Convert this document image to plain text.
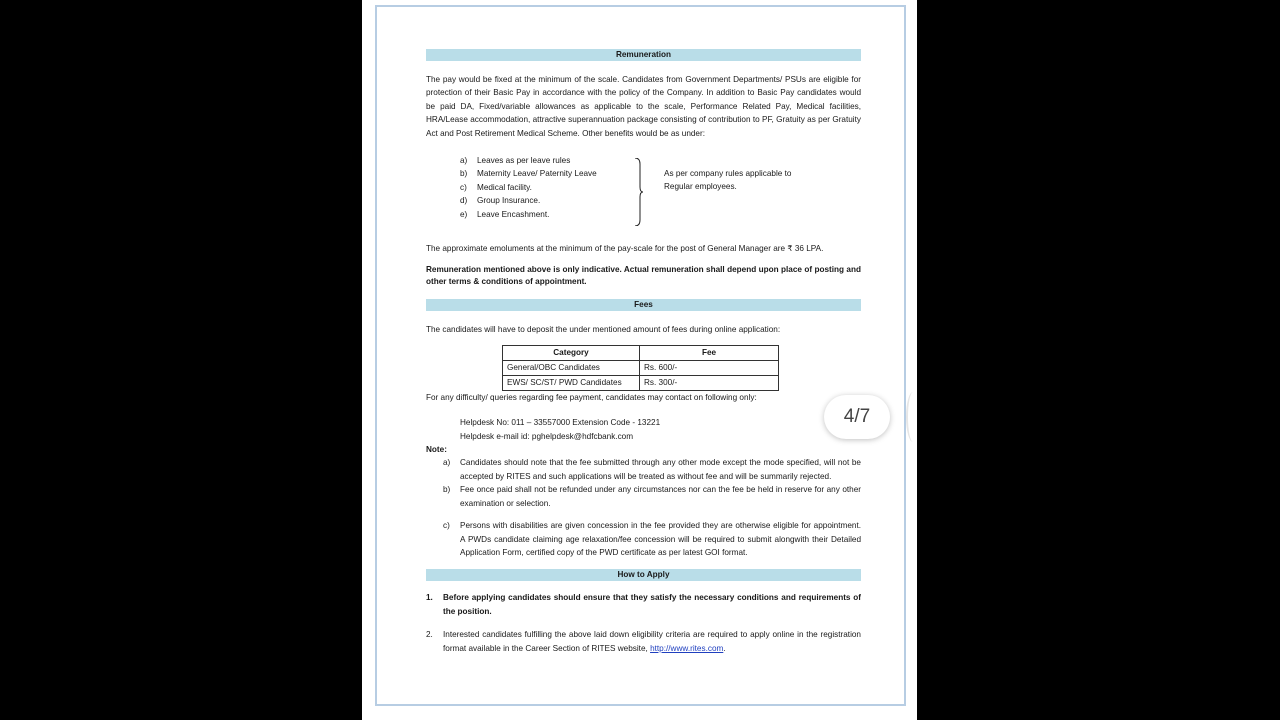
Remuneration

The pay would be fixed at the minimum of the scale. Candidates from Government Departments/ PSUs are eligible for protection of their Basic Pay in accordance with the policy of the Company. In addition to Basic Pay candidates would be paid DA, Fixed/variable allowances as applicable to the scale, Performance Related Pay, Medical facilities, HRA/Lease accommodation, attractive superannuation package consisting of contribution to PF, Gratuity as per Gratuity Act and Post Retirement Medical Scheme. Other benefits would be as under:

a) Leaves as per leave rules
b) Maternity Leave/ Paternity Leave
c) Medical facility.
d) Group Insurance.
e) Leave Encashment.

As per company rules applicable to Regular employees.

The approximate emoluments at the minimum of the pay-scale for the post of General Manager are ₹ 36 LPA.

Remuneration mentioned above is only indicative. Actual remuneration shall depend upon place of posting and other terms & conditions of appointment.

Fees

The candidates will have to deposit the under mentioned amount of fees during online application:

Category	Fee
General/OBC Candidates	Rs. 600/-
EWS/ SC/ST/ PWD Candidates	Rs. 300/-

For any difficulty/ queries regarding fee payment, candidates may contact on following only:

Helpdesk No: 011 – 33557000 Extension Code - 13221

Helpdesk e-mail id: pghelpdesk@hdfcbank.com

Note:

a) Candidates should note that the fee submitted through any other mode except the mode specified, will not be accepted by RITES and such applications will be treated as without fee and will be summarily rejected.
b) Fee once paid shall not be refunded under any circumstances nor can the fee be held in reserve for any other examination or selection.
c) Persons with disabilities are given concession in the fee provided they are otherwise eligible for appointment. A PWDs candidate claiming age relaxation/fee concession will be required to submit alongwith their Detailed Application Form, certified copy of the PWD certificate as per latest GOI format.
How to Apply
1. Before applying candidates should ensure that they satisfy the necessary conditions and requirements of the position.
2. Interested candidates fulfilling the above laid down eligibility criteria are required to apply online in the registration format available in the Career Section of RITES website, http://www.rites.com.
4/7
